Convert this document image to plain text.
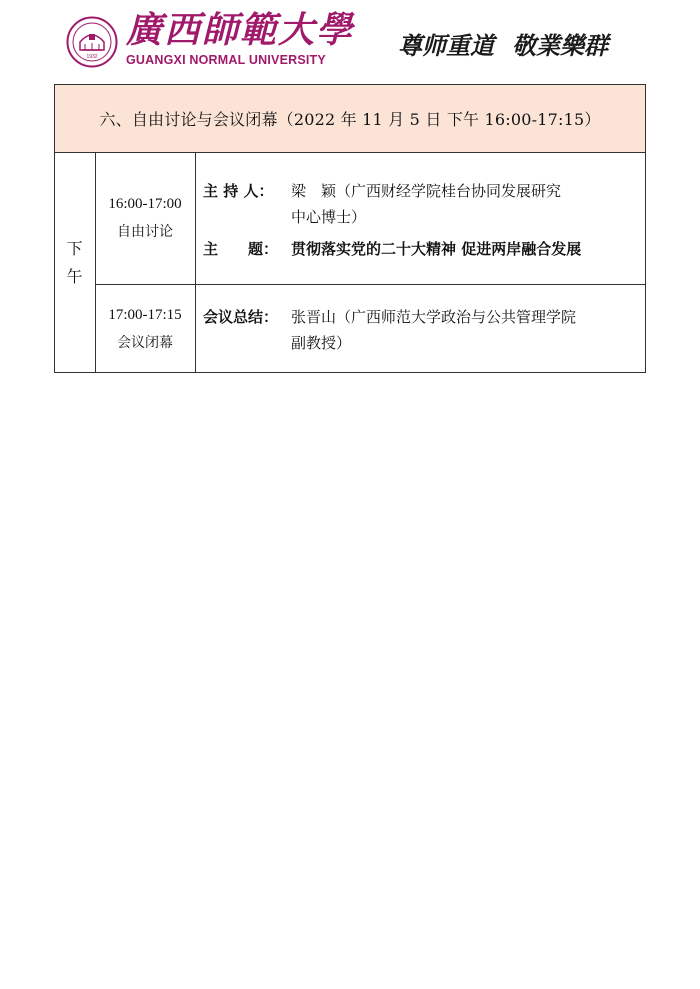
1932
廣西師範大學
GUANGXI NORMAL UNIVERSITY	尊师重道 敬業樂群
六、自由讨论与会议闭幕（2022 年 11 月 5 日 下午 16:00-17:15）
下
午
16:00-17:00
自由讨论
主 持 人： 梁　颖（广西财经学院桂台协同发展研究
中心博士）
主　　题： 贯彻落实党的二十大精神 促进两岸融合发展
17:00-17:15
会议闭幕
会议总结： 张晋山（广西师范大学政治与公共管理学院
副教授）
